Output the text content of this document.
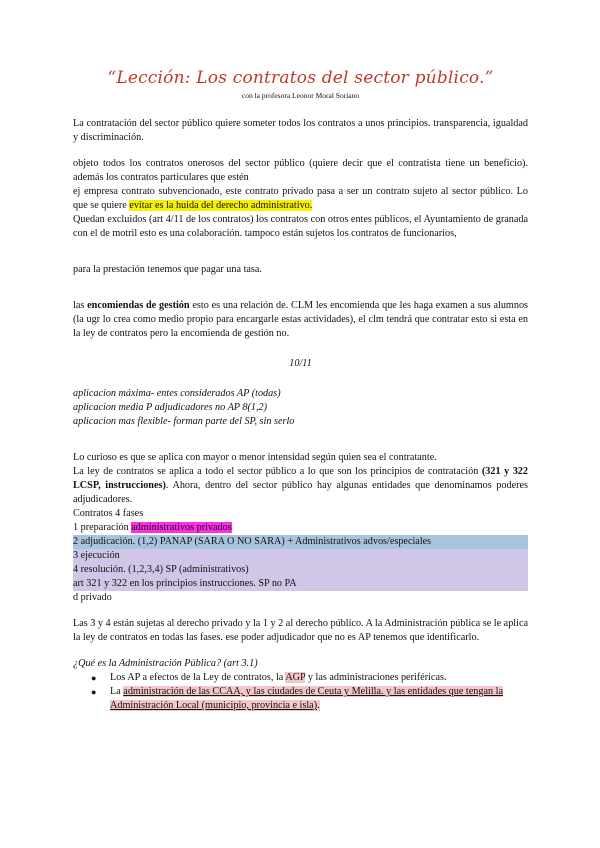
“Lección: Los contratos del sector público.”
con la profesora Leonor Moral Soriano

La contratación del sector público quiere someter todos los contratos a unos principios. transparencia, igualdad y discriminación.

objeto todos los contratos onerosos del sector público (quiere decir que el contratista tiene un beneficio). además los contratos particulares que estén

ej empresa contrato subvencionado, este contrato privado pasa a ser un contrato sujeto al sector público. Lo que se quiere evitar es la huida del derecho administrativo.

Quedan excluidos (art 4/11 de los contratos) los contratos con otros entes públicos, el Ayuntamiento de granada con el de motril esto es una colaboración. tampoco están sujetos los contratos de funcionarios,

para la prestación tenemos que pagar una tasa.

las encomiendas de gestión esto es una relación de. CLM les encomienda que les haga examen a sus alumnos (la ugr lo crea como medio propio para encargarle estas actividades), el clm tendrá que contratar esto si esta en la ley de contratos pero la encomienda de gestión no.

10/11

aplicacion máxima- entes considerados AP (todas)

aplicacion media P adjudicadores no AP 8(1,2)

aplicacion mas flexible- forman parte del SP, sin serlo

Lo curioso es que se aplica con mayor o menor intensidad según quien sea el contratante.

La ley de contratos se aplica a todo el sector público a lo que son los principios de contratación (321 y 322 LCSP, instrucciones). Ahora, dentro del sector público hay algunas entidades que denominamos poderes adjudicadores.

Contratos 4 fases

1 preparación administrativos privados

2 adjudicación. (1,2) PANAP (SARA O NO SARA) + Administrativos advos/especiales

3 ejecución

4 resolución. (1,2,3,4) SP (administrativos)

art 321 y 322 en los principios instrucciones. SP no PA

d privado

Las 3 y 4 están sujetas al derecho privado y la 1 y 2 al derecho público. A la Administración pública se le aplica la ley de contratos en todas las fases. ese poder adjudicador que no es AP tenemos que identificarlo.

¿Qué es la Administración Pública? (art 3.1)

● Los AP a efectos de la Ley de contratos, la AGP y las administraciones periféricas.
● La administración de las CCAA, y las ciudades de Ceuta y Melilla. y las entidades que tengan la Administración Local (municipio, provincia e isla).
